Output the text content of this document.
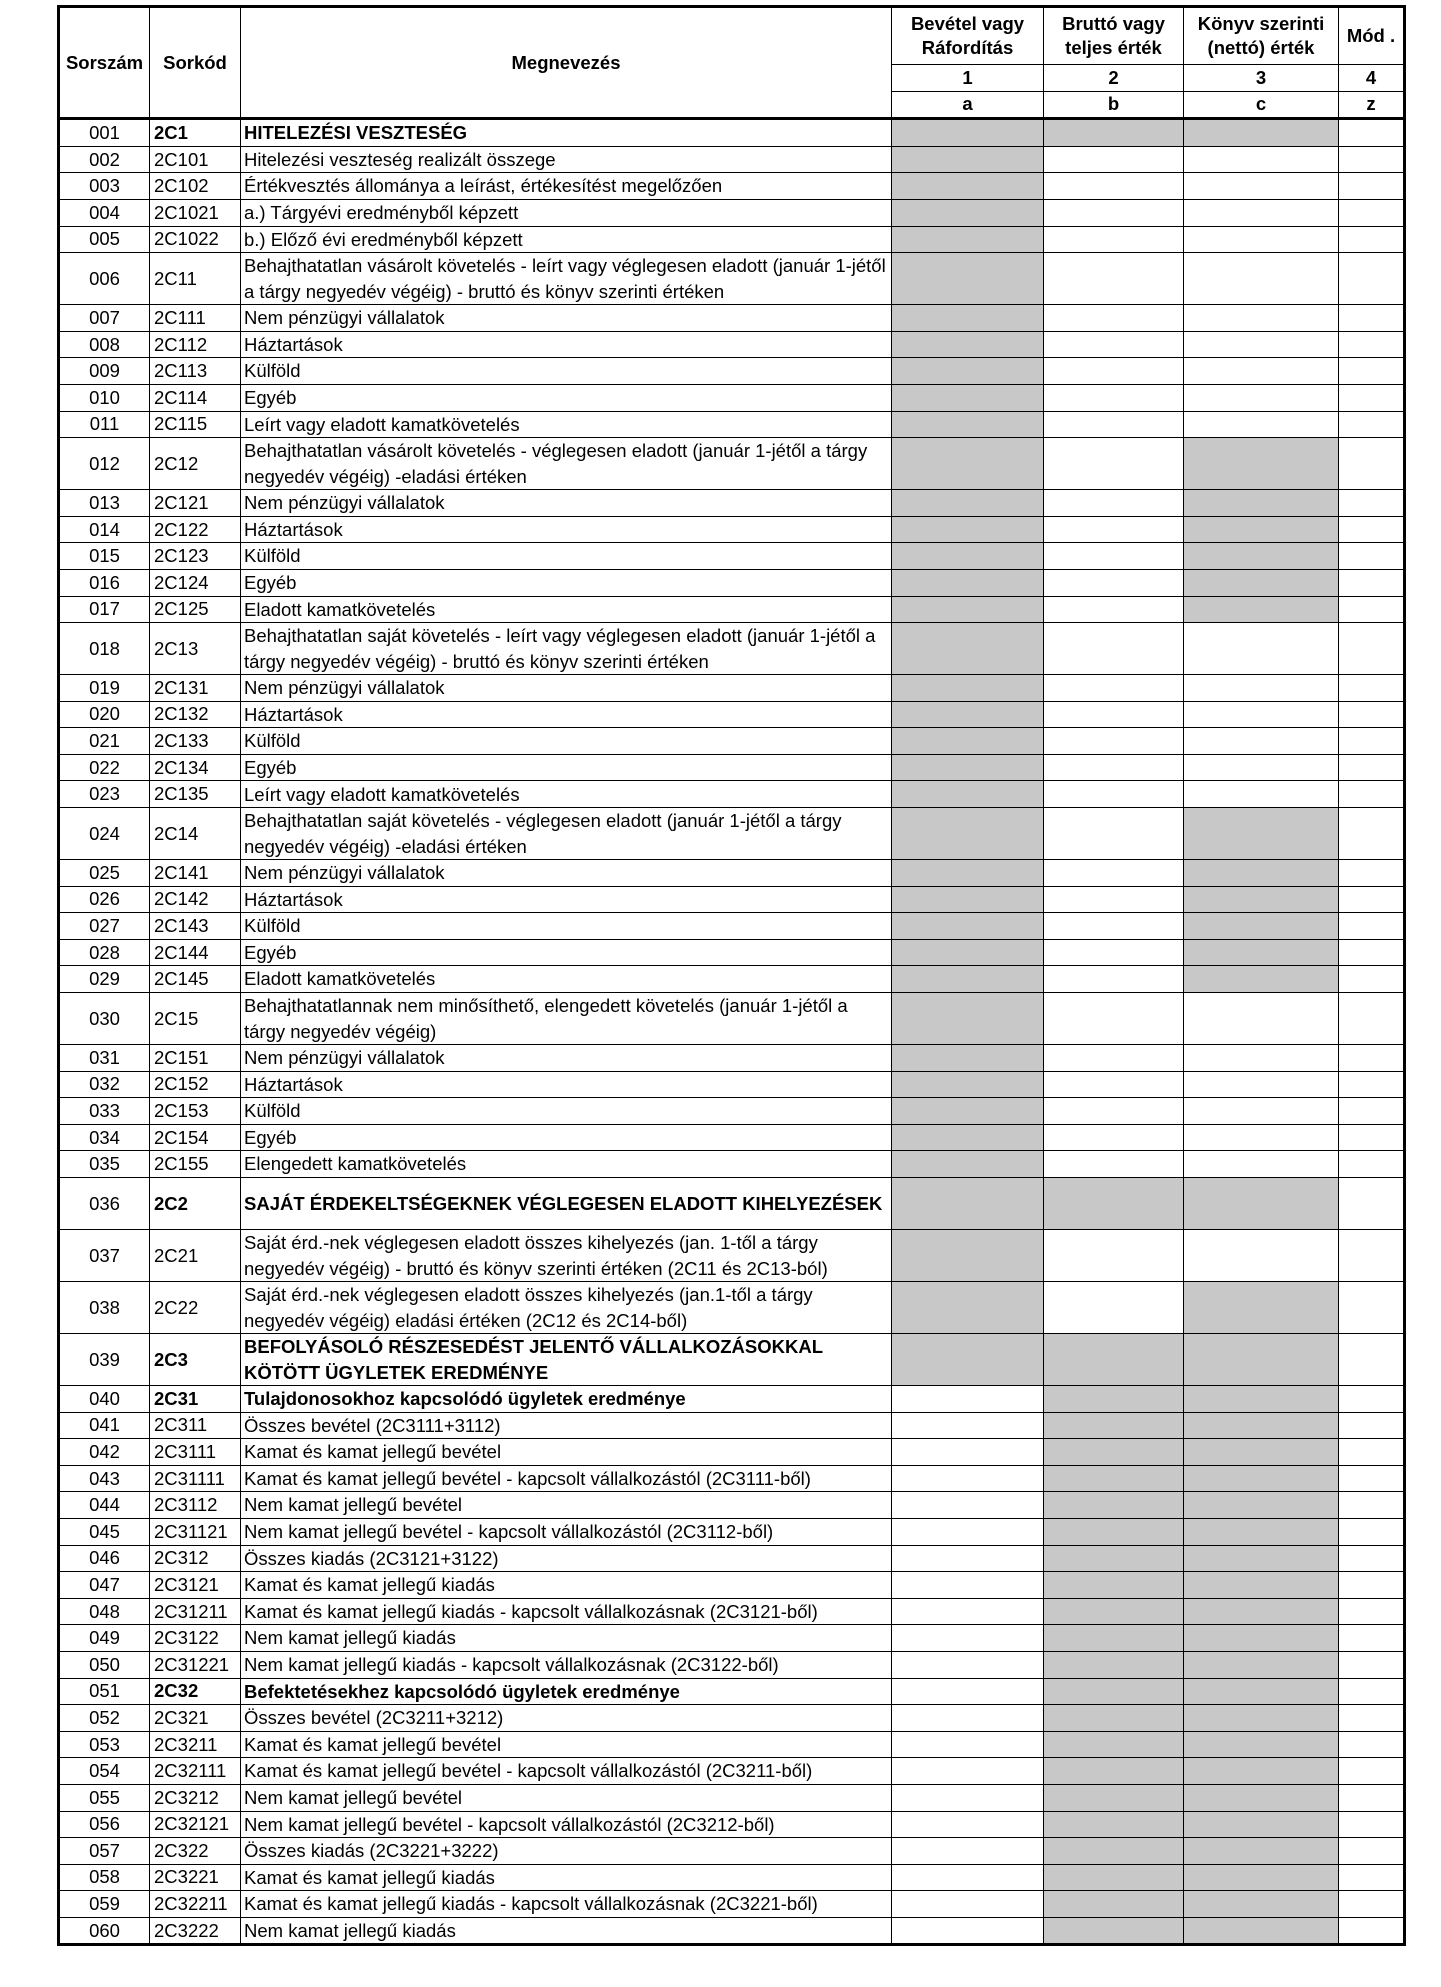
Sorszám	Sorkód	Megnevezés	Bevétel vagy Ráfordítás	Bruttó vagy teljes érték	Könyv szerinti (nettó) érték	Mód .
			1	2	3	4
			a	b	c	z
001	2C1	HITELEZÉSI VESZTESÉG				
002	2C101	Hitelezési veszteség realizált összege				
003	2C102	Értékvesztés állománya a leírást, értékesítést megelőzően				
004	2C1021	a.) Tárgyévi eredményből képzett				
005	2C1022	b.) Előző évi eredményből képzett				
006	2C11	Behajthatatlan vásárolt követelés - leírt vagy véglegesen eladott (január 1-jétől a tárgy negyedév végéig) - bruttó és könyv szerinti értéken				
007	2C111	Nem pénzügyi vállalatok				
008	2C112	Háztartások				
009	2C113	Külföld				
010	2C114	Egyéb				
011	2C115	Leírt vagy eladott kamatkövetelés				
012	2C12	Behajthatatlan vásárolt követelés - véglegesen eladott (január 1-jétől a tárgy negyedév végéig) -eladási értéken				
013	2C121	Nem pénzügyi vállalatok				
014	2C122	Háztartások				
015	2C123	Külföld				
016	2C124	Egyéb				
017	2C125	Eladott kamatkövetelés				
018	2C13	Behajthatatlan saját követelés - leírt vagy véglegesen eladott (január 1-jétől a tárgy negyedév végéig) - bruttó és könyv szerinti értéken				
019	2C131	Nem pénzügyi vállalatok				
020	2C132	Háztartások				
021	2C133	Külföld				
022	2C134	Egyéb				
023	2C135	Leírt vagy eladott kamatkövetelés				
024	2C14	Behajthatatlan saját követelés - véglegesen eladott (január 1-jétől a tárgy negyedév végéig) -eladási értéken				
025	2C141	Nem pénzügyi vállalatok				
026	2C142	Háztartások				
027	2C143	Külföld				
028	2C144	Egyéb				
029	2C145	Eladott kamatkövetelés				
030	2C15	Behajthatatlannak nem minősíthető, elengedett követelés (január 1-jétől a tárgy negyedév végéig)				
031	2C151	Nem pénzügyi vállalatok				
032	2C152	Háztartások				
033	2C153	Külföld				
034	2C154	Egyéb				
035	2C155	Elengedett kamatkövetelés				
036	2C2	SAJÁT ÉRDEKELTSÉGEKNEK VÉGLEGESEN ELADOTT KIHELYEZÉSEK				
037	2C21	Saját érd.-nek véglegesen eladott összes kihelyezés (jan. 1-től a tárgy negyedév végéig) - bruttó és könyv szerinti értéken (2C11 és 2C13-ból)				
038	2C22	Saját érd.-nek véglegesen eladott összes kihelyezés (jan.1-től a tárgy negyedév végéig) eladási értéken (2C12 és 2C14-ből)				
039	2C3	BEFOLYÁSOLÓ RÉSZESEDÉST JELENTŐ VÁLLALKOZÁSOKKAL KÖTÖTT ÜGYLETEK EREDMÉNYE				
040	2C31	Tulajdonosokhoz kapcsolódó ügyletek eredménye				
041	2C311	Összes bevétel (2C3111+3112)				
042	2C3111	Kamat és kamat jellegű bevétel				
043	2C31111	Kamat és kamat jellegű bevétel - kapcsolt vállalkozástól (2C3111-ből)				
044	2C3112	Nem kamat jellegű bevétel				
045	2C31121	Nem kamat jellegű bevétel - kapcsolt vállalkozástól (2C3112-ből)				
046	2C312	Összes kiadás (2C3121+3122)				
047	2C3121	Kamat és kamat jellegű kiadás				
048	2C31211	Kamat és kamat jellegű kiadás - kapcsolt vállalkozásnak (2C3121-ből)				
049	2C3122	Nem kamat jellegű kiadás				
050	2C31221	Nem kamat jellegű kiadás - kapcsolt vállalkozásnak (2C3122-ből)				
051	2C32	Befektetésekhez kapcsolódó ügyletek eredménye				
052	2C321	Összes bevétel (2C3211+3212)				
053	2C3211	Kamat és kamat jellegű bevétel				
054	2C32111	Kamat és kamat jellegű bevétel - kapcsolt vállalkozástól (2C3211-ből)				
055	2C3212	Nem kamat jellegű bevétel				
056	2C32121	Nem kamat jellegű bevétel - kapcsolt vállalkozástól (2C3212-ből)				
057	2C322	Összes kiadás (2C3221+3222)				
058	2C3221	Kamat és kamat jellegű kiadás				
059	2C32211	Kamat és kamat jellegű kiadás - kapcsolt vállalkozásnak (2C3221-ből)				
060	2C3222	Nem kamat jellegű kiadás				
